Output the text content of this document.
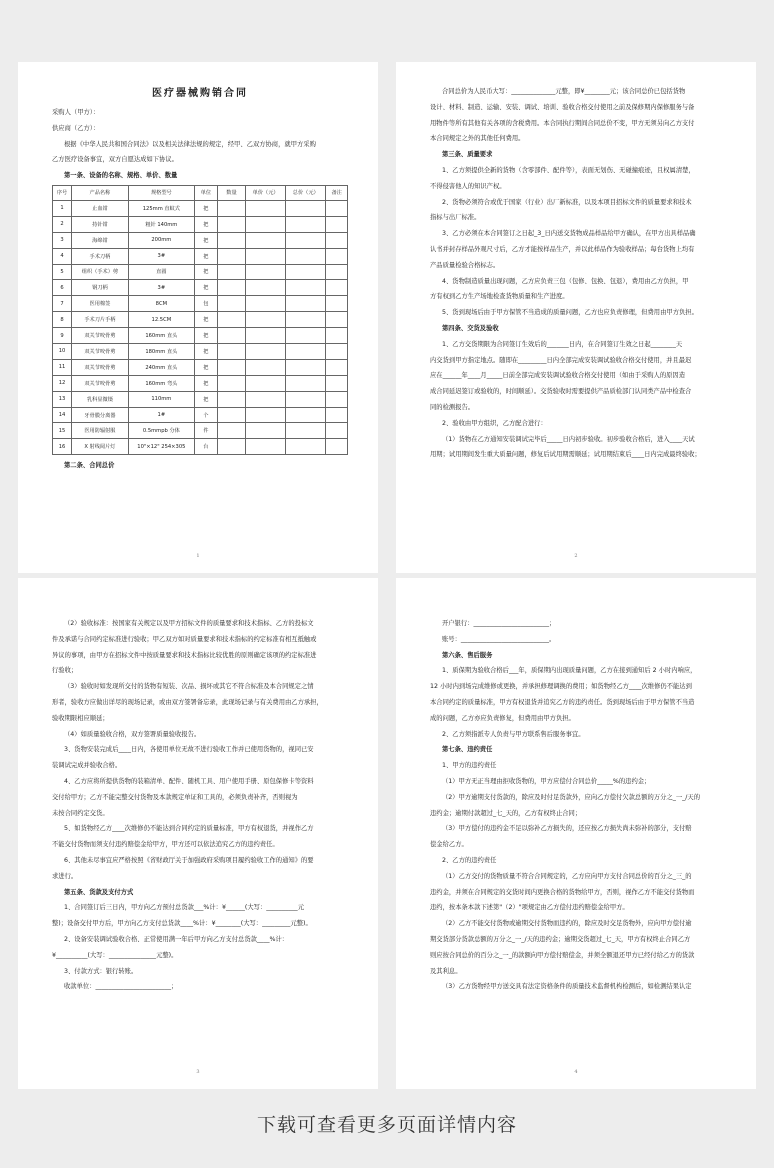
医疗器械购销合同

采购人（甲方）：

供应商（乙方）：

根据《中华人民共和国合同法》以及相关法律法规的规定，经甲、乙双方协商，就甲方采购

乙方医疗设备事宜，双方自愿达成如下协议。

第一条、设备的名称、规格、单价、数量

序号	产品名称	规格型号	单位	数量	单价（元）	总价（元）	备注
1	止血钳	125mm 直蚊式	把				
2	持针钳	粗针 140mm	把				
3	海绵钳	200mm	把				
4	手术刀柄	3#	把				
5	组织（手术）剪	直圆	把				
6	钢刀柄	3#	把				
7	医用棉签	8CM	包				
8	手术刀片手柄	12.5CM	把				
9	双关节咬骨剪	160mm 直头	把				
10	双关节咬骨剪	180mm 直头	把				
11	双关节咬骨剪	240mm 直头	把				
12	双关节咬骨剪	160mm 弯头	把				
13	乳科显微镊	110mm	把				
14	牙骨膜分离器	1#	个				
15	医用防辐射服	0.5mmpb 分体	件				
16	X 射线阅片灯	10"×12" 254×305	台				

第二条、合同总价

1

合同总价为人民币大写：______________元整，即¥________元；该合同总价已包括货物

设计、材料、制造、运输、安装、调试、培训、验收合格交付使用之前及保修期内保修服务与备

用物件等所有其他有关各项的含税费用。本合同执行期间合同总价不变，甲方无须另向乙方支付

本合同规定之外的其他任何费用。

第三条、质量要求

1、乙方须提供全新的货物（含零部件、配件等），表面无划伤、无碰撞痕迹，且权属清楚，

不得侵害他人的知识产权。

2、货物必须符合或优于国家（行业）出厂新标准，以及本项目招标文件的质量要求和技术

指标与出厂标准。

3、乙方必须在本合同签订之日起_3_日内送交货物成品样品给甲方确认，在甲方出具样品确

认书并封存样品外观尺寸后，乙方才能按样品生产，并以此样品作为验收样品；每台货物上均有

产品质量检验合格标志。

4、货物制造质量出现问题，乙方应负责三包（包修、包换、包退），费用由乙方负担，甲

方有权到乙方生产场地检查货物质量和生产进度。

5、货到现场后由于甲方保管不当造成的质量问题，乙方也应负责修理，但费用由甲方负担。

第四条、交货及验收

1、乙方交货期限为合同签订生效后的_______日内，在合同签订生效之日起________天

内交货到甲方指定地点。随即在_________日内全部完成安装调试验收合格交付使用，并且最迟

应在______年____月_____日前全部完成安装调试验收合格交付使用（如由于采购人的原因造

成合同延迟签订或验收的，时间顺延）。交货验收时需要提供产品质检部门认同类产品中检查合

同的检测报告。

2、验收由甲方组织，乙方配合进行：

（1）货物在乙方通知安装调试完毕后_____日内初步验收。初步验收合格后，进入____天试

用期；试用期间发生重大质量问题，修复后试用期需顺延；试用期结束后____日内完成最终验收；

2

（2）验收标准：按国家有关规定以及甲方招标文件的质量要求和技术指标、乙方的投标文

件及承诺与合同约定标准进行验收；甲乙双方如对质量要求和技术指标的约定标准有相互抵触或

异议的事项，由甲方在招标文件中按质量要求和技术指标比较优胜的原则确定该项的约定标准进

行验收；

（3）验收时如发现所交付的货物有短装、次品、损坏或其它不符合标准及本合同规定之情

形者，验收方应做出详尽的现场记录，或由双方签署备忘录，此现场记录与有关费用由乙方承担，

验收期限相应顺延；

（4）如质量验收合格，双方签署质量验收报告。

3、货物安装完成后____日内，各使用单位无故不进行验收工作并已使用货物的，视同已安

装调试完成并验收合格。

4、乙方应将所提供货物的装箱清单、配件、随机工具、用户使用手册、原包保修卡等资料

交付给甲方；乙方不能完整交付货物及本款规定单证和工具的，必须负责补齐，否则视为

未按合同约定交货。

5、如货物经乙方____次维修仍不能达到合同约定的质量标准，甲方有权退货，并视作乙方

不能交付货物而须支付违约赔偿金给甲方，甲方还可以依法追究乙方的违约责任。

6、其他未尽事宜应严格按照《省财政厅关于加强政府采购项目履约验收工作的通知》的要

求进行。

第五条、货款及支付方式

1、合同签订后三日内，甲方向乙方预付总货款___%计：¥______(大写：__________元

整)；设备交付甲方后，甲方向乙方支付总货款____%计：¥________(大写：_________元整)。

2、设备安装调试验收合格、正常使用满一年后甲方向乙方支付总货款____%计：

¥__________(大写：_______________元整)。

3、付款方式：银行转账。

收款单位：________________________；

3

开户银行：________________________；

账号：____________________________。

第六条、售后服务

1、质保期为验收合格后___年，质保期内出现质量问题，乙方在接到通知后 2 小时内响应，

12 小时内到场完成维修或更换，并承担修理调换的费用；如货物经乙方____次维修仍不能达到

本合同约定的质量标准，甲方有权退货并追究乙方的违约责任。货到现场后由于甲方保管不当造

成的问题，乙方亦应负责修复，但费用由甲方负担。

2、乙方须指派专人负责与甲方联系售后服务事宜。

第七条、违约责任

1、甲方的违约责任

（1）甲方无正当理由拒收货物的，甲方应偿付合同总价_____%的违约金；

（2）甲方逾期支付货款的，除应及时付足货款外，应向乙方偿付欠款总额的万分之_一_/天的

违约金；逾期付款超过_七_天的，乙方有权终止合同；

（3）甲方偿付的违约金不足以弥补乙方损失的，还应按乙方损失尚未弥补的部分，支付赔

偿金给乙方。

2、乙方的违约责任

（1）乙方交付的货物质量不符合合同规定的，乙方应向甲方支付合同总价的百分之_三_的

违约金，并须在合同规定的交货时间内更换合格的货物给甲方，否则，视作乙方不能交付货物而

违约，按本条本款下述第"（2）"项规定由乙方偿付违约赔偿金给甲方。

（2）乙方不能交付货物或逾期交付货物而违约的，除应及时交足货物外，应向甲方偿付逾

期交货部分货款总额的万分之_一_/天的违约金；逾期交货超过_七_天，甲方有权终止合同乙方

则应按合同总价的百分之_一_的款额向甲方偿付赔偿金，并须全额退还甲方已经付给乙方的货款

及其利息。

（3）乙方货物经甲方送交具有法定资格条件的质量技术监督机构检测后，如检测结果认定

4
下载可查看更多页面详情内容
